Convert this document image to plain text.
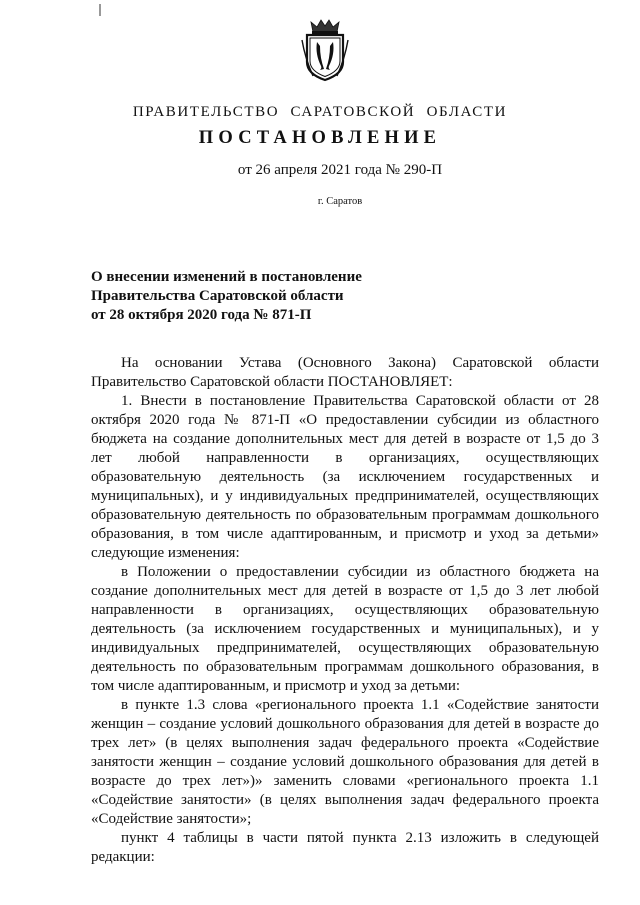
ПРАВИТЕЛЬСТВО САРАТОВСКОЙ ОБЛАСТИ
ПОСТАНОВЛЕНИЕ
от 26 апреля 2021 года № 290-П
г. Саратов
О внесении изменений в постановление
Правительства Саратовской области
от 28 октября 2020 года № 871-П

На основании Устава (Основного Закона) Саратовской области Правительство Саратовской области ПОСТАНОВЛЯЕТ:

1. Внести в постановление Правительства Саратовской области от 28 октября 2020 года № 871-П «О предоставлении субсидии из областного бюджета на создание дополнительных мест для детей в возрасте от 1,5 до 3 лет любой направленности в организациях, осуществляющих образовательную деятельность (за исключением государственных и муниципальных), и у индивидуальных предпринимателей, осуществляющих образовательную деятельность по образовательным программам дошкольного образования, в том числе адаптированным, и присмотр и уход за детьми» следующие изменения:

в Положении о предоставлении субсидии из областного бюджета на создание дополнительных мест для детей в возрасте от 1,5 до 3 лет любой направленности в организациях, осуществляющих образовательную деятельность (за исключением государственных и муниципальных), и у индивидуальных предпринимателей, осуществляющих образовательную деятельность по образовательным программам дошкольного образования, в том числе адаптированным, и присмотр и уход за детьми:

в пункте 1.3 слова «регионального проекта 1.1 «Содействие занятости женщин – создание условий дошкольного образования для детей в возрасте до трех лет» (в целях выполнения задач федерального проекта «Содействие занятости женщин – создание условий дошкольного образования для детей в возрасте до трех лет»)» заменить словами «регионального проекта 1.1 «Содействие занятости» (в целях выполнения задач федерального проекта «Содействие занятости»;

пункт 4 таблицы в части пятой пункта 2.13 изложить в следующей редакции:
